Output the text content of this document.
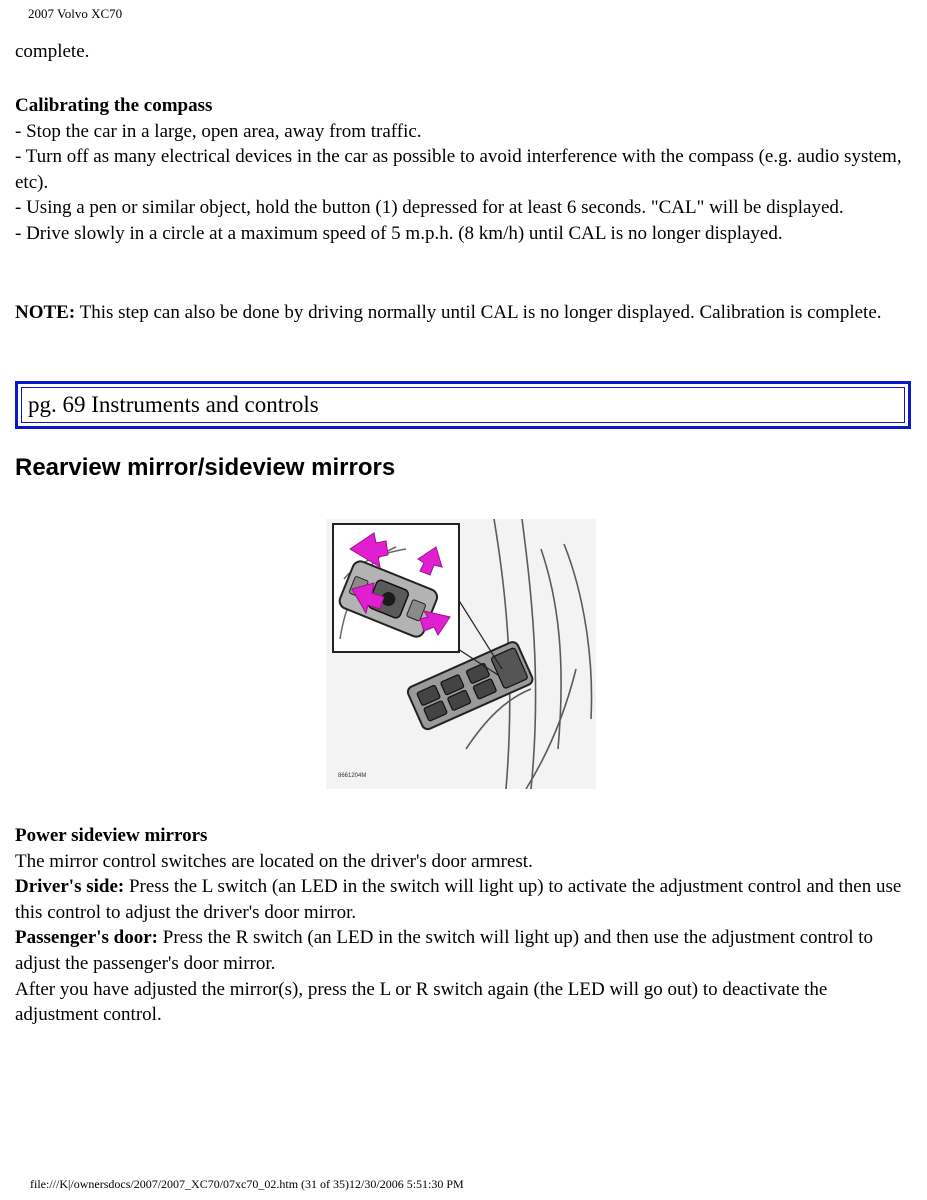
2007 Volvo XC70

complete.

Calibrating the compass

- Stop the car in a large, open area, away from traffic.

- Turn off as many electrical devices in the car as possible to avoid interference with the compass (e.g. audio system, etc).

- Using a pen or similar object, hold the button (1) depressed for at least 6 seconds. "CAL" will be displayed.

- Drive slowly in a circle at a maximum speed of 5 m.p.h. (8 km/h) until CAL is no longer displayed.

NOTE: This step can also be done by driving normally until CAL is no longer displayed. Calibration is complete.

pg. 69 Instruments and controls
Rearview mirror/sideview mirrors
8661204M

Power sideview mirrors

The mirror control switches are located on the driver's door armrest.

Driver's side: Press the L switch (an LED in the switch will light up) to activate the adjustment control and then use this control to adjust the driver's door mirror.

Passenger's door: Press the R switch (an LED in the switch will light up) and then use the adjustment control to adjust the passenger's door mirror.

After you have adjusted the mirror(s), press the L or R switch again (the LED will go out) to deactivate the adjustment control.

file:///K|/ownersdocs/2007/2007_XC70/07xc70_02.htm (31 of 35)12/30/2006 5:51:30 PM
